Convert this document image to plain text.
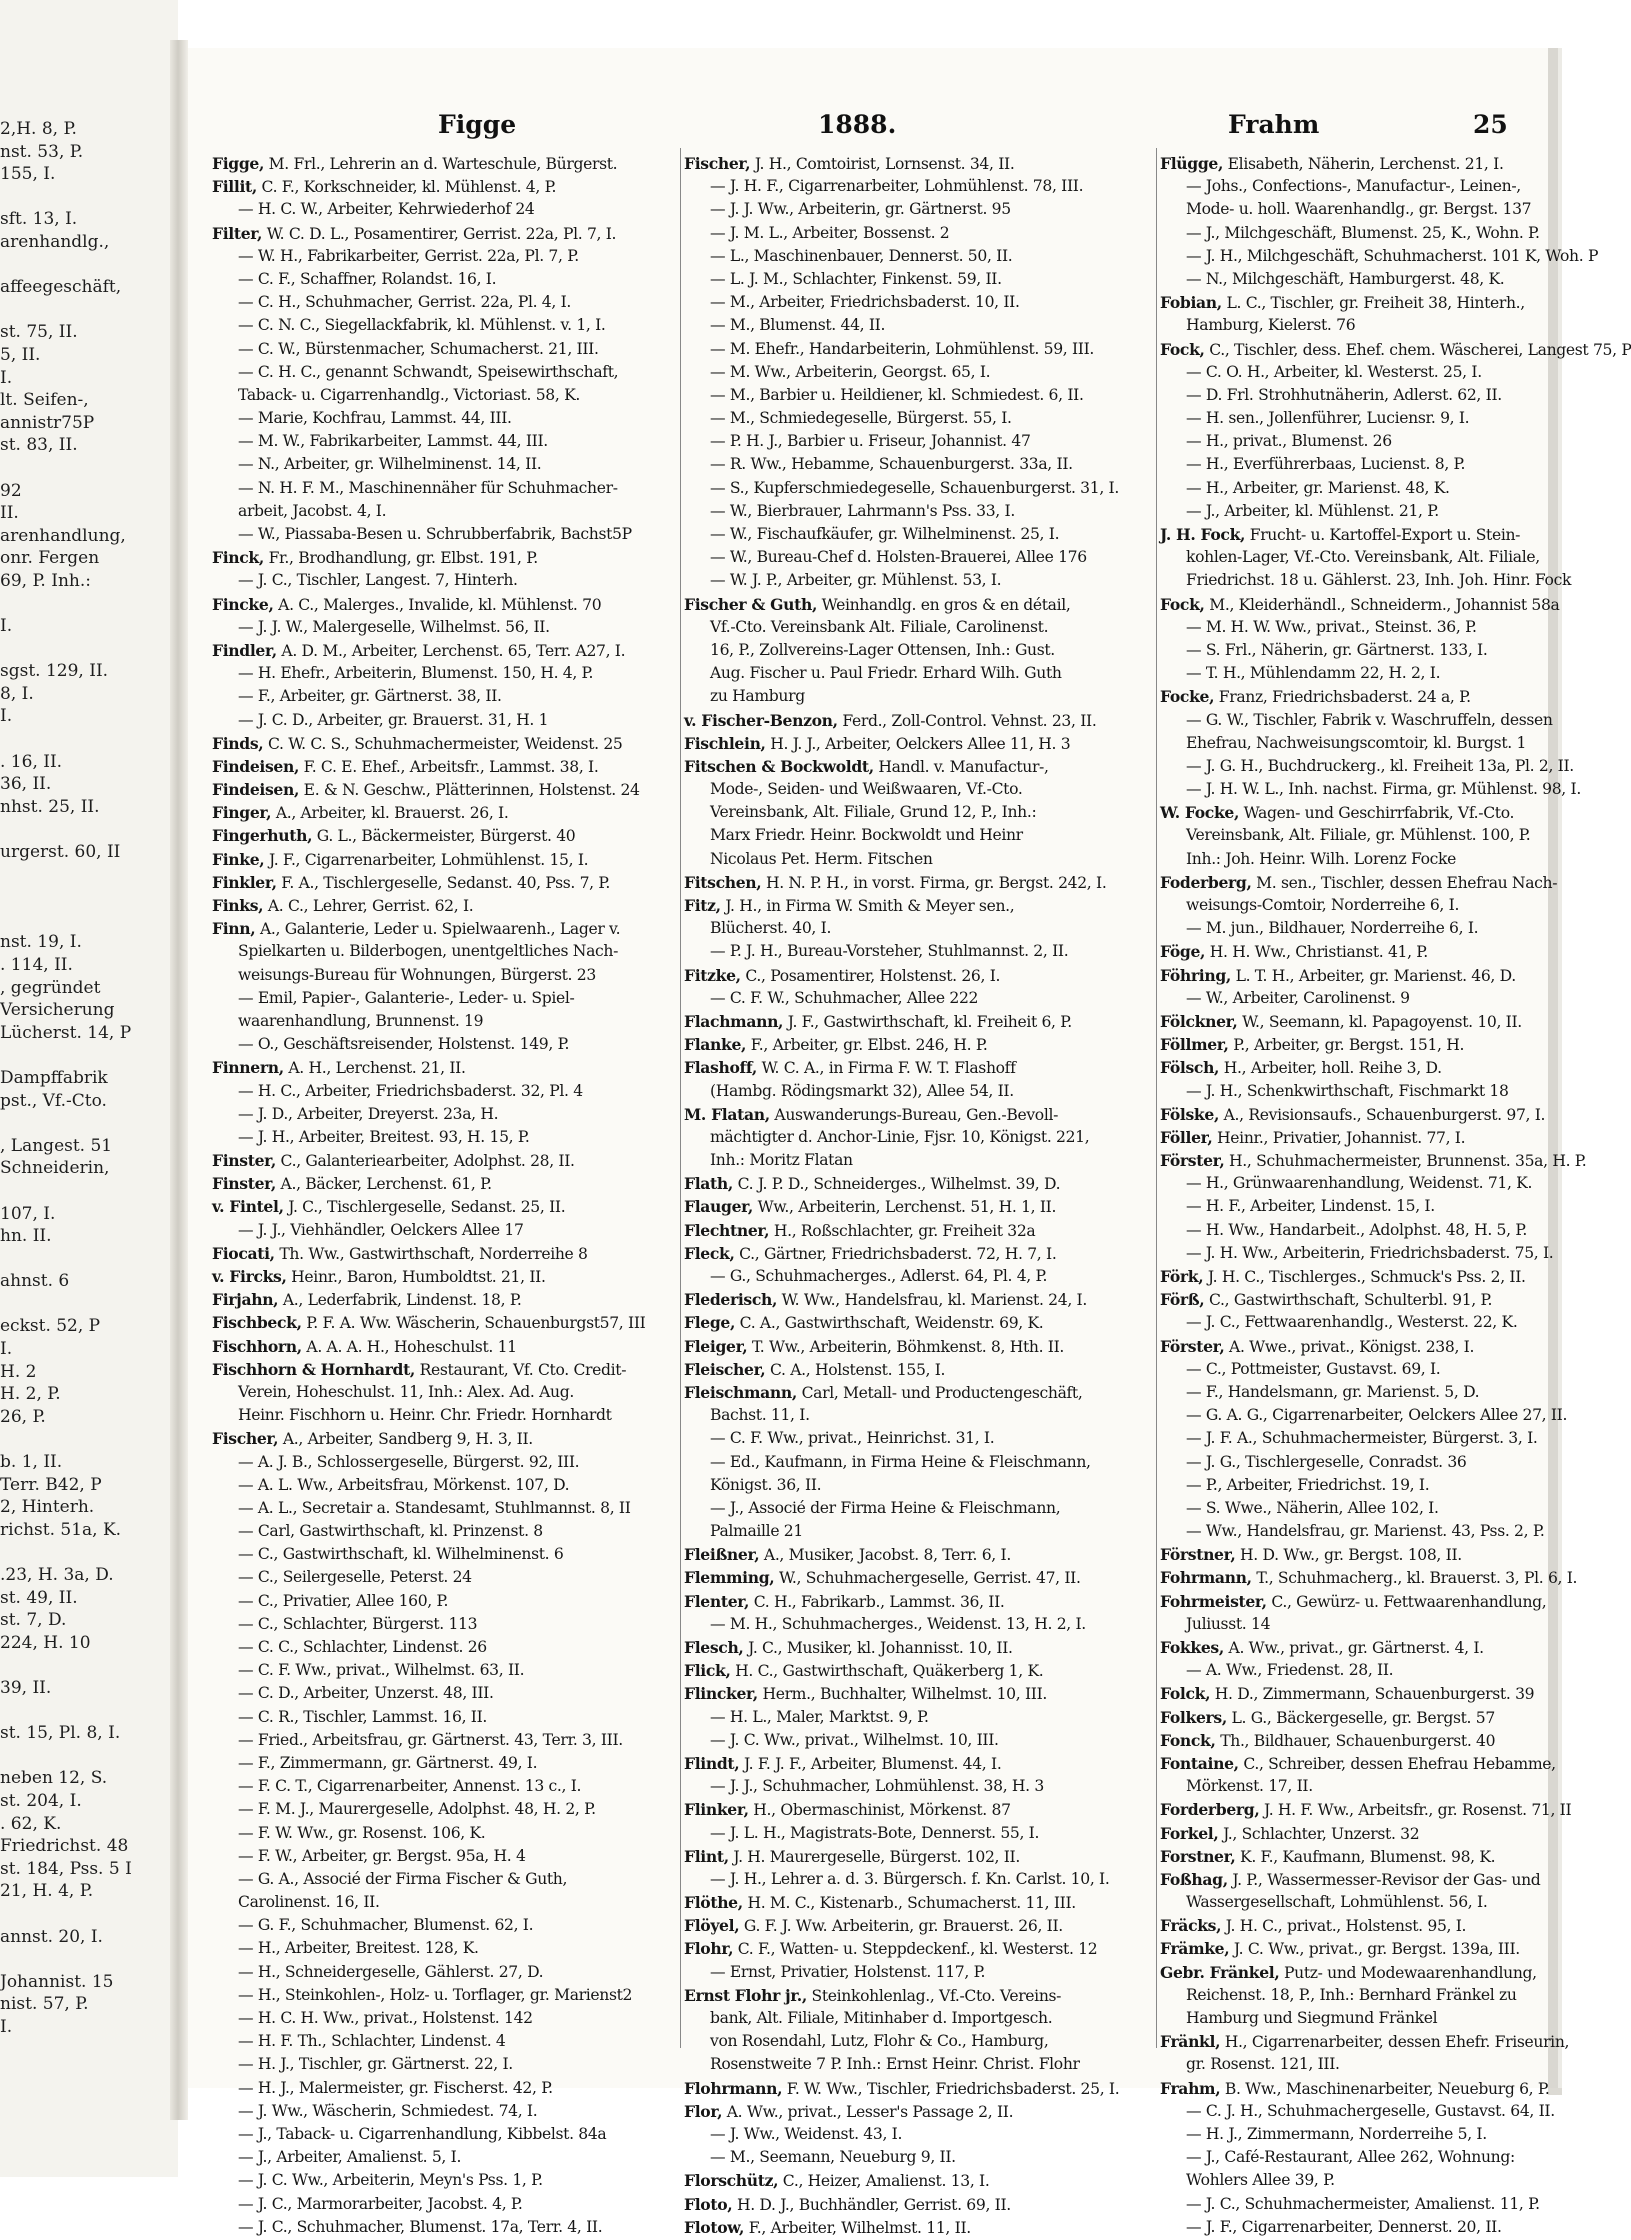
2,H. 8, P.
nst. 53, P.
155, I.
sft. 13, I.
arenhandlg.,
affeegeschäft,
st. 75, II.
5, II.
I.
lt. Seifen-,
annistr75P
st. 83, II.
92
II.
arenhandlung,
onr. Fergen
69, P. Inh.:
I.
sgst. 129, II.
8, I.
I.
. 16, II.
36, II.
nhst. 25, II.
urgerst. 60, II
nst. 19, I.
. 114, II.
, gegründet
Versicherung
Lücherst. 14, P
Dampffabrik
pst., Vf.-Cto.
, Langest. 51
Schneiderin,
107, I.
hn. II.
ahnst. 6
eckst. 52, P
I.
H. 2
H. 2, P.
26, P.
b. 1, II.
Terr. B42, P
2, Hinterh.
richst. 51a, K.
.23, H. 3a, D.
st. 49, II.
st. 7, D.
224, H. 10
39, II.
st. 15, Pl. 8, I.
neben 12, S.
st. 204, I.
. 62, K.
Friedrichst. 48
st. 184, Pss. 5 I
21, H. 4, P.
annst. 20, I.
Johannist. 15
nist. 57, P.
I.
Figge	1888.	Frahm	25
Figge, M. Frl., Lehrerin an d. Warteschule, Bürgerst.
Fillit, C. F., Korkschneider, kl. Mühlenst. 4, P.
— H. C. W., Arbeiter, Kehrwiederhof 24
Filter, W. C. D. L., Posamentirer, Gerrist. 22a, Pl. 7, I.
— W. H., Fabrikarbeiter, Gerrist. 22a, Pl. 7, P.
— C. F., Schaffner, Rolandst. 16, I.
— C. H., Schuhmacher, Gerrist. 22a, Pl. 4, I.
— C. N. C., Siegellackfabrik, kl. Mühlenst. v. 1, I.
— C. W., Bürstenmacher, Schumacherst. 21, III.
— C. H. C., genannt Schwandt, Speisewirthschaft,
Taback- u. Cigarrenhandlg., Victoriast. 58, K.
— Marie, Kochfrau, Lammst. 44, III.
— M. W., Fabrikarbeiter, Lammst. 44, III.
— N., Arbeiter, gr. Wilhelminenst. 14, II.
— N. H. F. M., Maschinennäher für Schuhmacher-
arbeit, Jacobst. 4, I.
— W., Piassaba-Besen u. Schrubberfabrik, Bachst5P
Finck, Fr., Brodhandlung, gr. Elbst. 191, P.
— J. C., Tischler, Langest. 7, Hinterh.
Fincke, A. C., Malerges., Invalide, kl. Mühlenst. 70
— J. J. W., Malergeselle, Wilhelmst. 56, II.
Findler, A. D. M., Arbeiter, Lerchenst. 65, Terr. A27, I.
— H. Ehefr., Arbeiterin, Blumenst. 150, H. 4, P.
— F., Arbeiter, gr. Gärtnerst. 38, II.
— J. C. D., Arbeiter, gr. Brauerst. 31, H. 1
Finds, C. W. C. S., Schuhmachermeister, Weidenst. 25
Findeisen, F. C. E. Ehef., Arbeitsfr., Lammst. 38, I.
Findeisen, E. & N. Geschw., Plätterinnen, Holstenst. 24
Finger, A., Arbeiter, kl. Brauerst. 26, I.
Fingerhuth, G. L., Bäckermeister, Bürgerst. 40
Finke, J. F., Cigarrenarbeiter, Lohmühlenst. 15, I.
Finkler, F. A., Tischlergeselle, Sedanst. 40, Pss. 7, P.
Finks, A. C., Lehrer, Gerrist. 62, I.
Finn, A., Galanterie, Leder u. Spielwaarenh., Lager v.
Spielkarten u. Bilderbogen, unentgeltliches Nach-
weisungs-Bureau für Wohnungen, Bürgerst. 23
— Emil, Papier-, Galanterie-, Leder- u. Spiel-
waarenhandlung, Brunnenst. 19
— O., Geschäftsreisender, Holstenst. 149, P.
Finnern, A. H., Lerchenst. 21, II.
— H. C., Arbeiter, Friedrichsbaderst. 32, Pl. 4
— J. D., Arbeiter, Dreyerst. 23a, H.
— J. H., Arbeiter, Breitest. 93, H. 15, P.
Finster, C., Galanteriearbeiter, Adolphst. 28, II.
Finster, A., Bäcker, Lerchenst. 61, P.
v. Fintel, J. C., Tischlergeselle, Sedanst. 25, II.
— J. J., Viehhändler, Oelckers Allee 17
Fiocati, Th. Ww., Gastwirthschaft, Norderreihe 8
v. Fircks, Heinr., Baron, Humboldtst. 21, II.
Firjahn, A., Lederfabrik, Lindenst. 18, P.
Fischbeck, P. F. A. Ww. Wäscherin, Schauenburgst57, III
Fischhorn, A. A. A. H., Hoheschulst. 11
Fischhorn & Hornhardt, Restaurant, Vf. Cto. Credit-
Verein, Hoheschulst. 11, Inh.: Alex. Ad. Aug.
Heinr. Fischhorn u. Heinr. Chr. Friedr. Hornhardt
Fischer, A., Arbeiter, Sandberg 9, H. 3, II.
— A. J. B., Schlossergeselle, Bürgerst. 92, III.
— A. L. Ww., Arbeitsfrau, Mörkenst. 107, D.
— A. L., Secretair a. Standesamt, Stuhlmannst. 8, II
— Carl, Gastwirthschaft, kl. Prinzenst. 8
— C., Gastwirthschaft, kl. Wilhelminenst. 6
— C., Seilergeselle, Peterst. 24
— C., Privatier, Allee 160, P.
— C., Schlachter, Bürgerst. 113
— C. C., Schlachter, Lindenst. 26
— C. F. Ww., privat., Wilhelmst. 63, II.
— C. D., Arbeiter, Unzerst. 48, III.
— C. R., Tischler, Lammst. 16, II.
— Fried., Arbeitsfrau, gr. Gärtnerst. 43, Terr. 3, III.
— F., Zimmermann, gr. Gärtnerst. 49, I.
— F. C. T., Cigarrenarbeiter, Annenst. 13 c., I.
— F. M. J., Maurergeselle, Adolphst. 48, H. 2, P.
— F. W. Ww., gr. Rosenst. 106, K.
— F. W., Arbeiter, gr. Bergst. 95a, H. 4
— G. A., Associé der Firma Fischer & Guth,
Carolinenst. 16, II.
— G. F., Schuhmacher, Blumenst. 62, I.
— H., Arbeiter, Breitest. 128, K.
— H., Schneidergeselle, Gählerst. 27, D.
— H., Steinkohlen-, Holz- u. Torflager, gr. Marienst2
— H. C. H. Ww., privat., Holstenst. 142
— H. F. Th., Schlachter, Lindenst. 4
— H. J., Tischler, gr. Gärtnerst. 22, I.
— H. J., Malermeister, gr. Fischerst. 42, P.
— J. Ww., Wäscherin, Schmiedest. 74, I.
— J., Taback- u. Cigarrenhandlung, Kibbelst. 84a
— J., Arbeiter, Amalienst. 5, I.
— J. C. Ww., Arbeiterin, Meyn's Pss. 1, P.
— J. C., Marmorarbeiter, Jacobst. 4, P.
— J. C., Schuhmacher, Blumenst. 17a, Terr. 4, II.
Fischer, J. H., Comtoirist, Lornsenst. 34, II.
— J. H. F., Cigarrenarbeiter, Lohmühlenst. 78, III.
— J. J. Ww., Arbeiterin, gr. Gärtnerst. 95
— J. M. L., Arbeiter, Bossenst. 2
— L., Maschinenbauer, Dennerst. 50, II.
— L. J. M., Schlachter, Finkenst. 59, II.
— M., Arbeiter, Friedrichsbaderst. 10, II.
— M., Blumenst. 44, II.
— M. Ehefr., Handarbeiterin, Lohmühlenst. 59, III.
— M. Ww., Arbeiterin, Georgst. 65, I.
— M., Barbier u. Heildiener, kl. Schmiedest. 6, II.
— M., Schmiedegeselle, Bürgerst. 55, I.
— P. H. J., Barbier u. Friseur, Johannist. 47
— R. Ww., Hebamme, Schauenburgerst. 33a, II.
— S., Kupferschmiedegeselle, Schauenburgerst. 31, I.
— W., Bierbrauer, Lahrmann's Pss. 33, I.
— W., Fischaufkäufer, gr. Wilhelminenst. 25, I.
— W., Bureau-Chef d. Holsten-Brauerei, Allee 176
— W. J. P., Arbeiter, gr. Mühlenst. 53, I.
Fischer & Guth, Weinhandlg. en gros & en détail,
Vf.-Cto. Vereinsbank Alt. Filiale, Carolinenst.
16, P., Zollvereins-Lager Ottensen, Inh.: Gust.
Aug. Fischer u. Paul Friedr. Erhard Wilh. Guth
zu Hamburg
v. Fischer-Benzon, Ferd., Zoll-Control. Vehnst. 23, II.
Fischlein, H. J. J., Arbeiter, Oelckers Allee 11, H. 3
Fitschen & Bockwoldt, Handl. v. Manufactur-,
Mode-, Seiden- und Weißwaaren, Vf.-Cto.
Vereinsbank, Alt. Filiale, Grund 12, P., Inh.:
Marx Friedr. Heinr. Bockwoldt und Heinr
Nicolaus Pet. Herm. Fitschen
Fitschen, H. N. P. H., in vorst. Firma, gr. Bergst. 242, I.
Fitz, J. H., in Firma W. Smith & Meyer sen.,
Blücherst. 40, I.
— P. J. H., Bureau-Vorsteher, Stuhlmannst. 2, II.
Fitzke, C., Posamentirer, Holstenst. 26, I.
— C. F. W., Schuhmacher, Allee 222
Flachmann, J. F., Gastwirthschaft, kl. Freiheit 6, P.
Flanke, F., Arbeiter, gr. Elbst. 246, H. P.
Flashoff, W. C. A., in Firma F. W. T. Flashoff
(Hambg. Rödingsmarkt 32), Allee 54, II.
M. Flatan, Auswanderungs-Bureau, Gen.-Bevoll-
mächtigter d. Anchor-Linie, Fjsr. 10, Königst. 221,
Inh.: Moritz Flatan
Flath, C. J. P. D., Schneiderges., Wilhelmst. 39, D.
Flauger, Ww., Arbeiterin, Lerchenst. 51, H. 1, II.
Flechtner, H., Roßschlachter, gr. Freiheit 32a
Fleck, C., Gärtner, Friedrichsbaderst. 72, H. 7, I.
— G., Schuhmacherges., Adlerst. 64, Pl. 4, P.
Flederisch, W. Ww., Handelsfrau, kl. Marienst. 24, I.
Flege, C. A., Gastwirthschaft, Weidenstr. 69, K.
Fleiger, T. Ww., Arbeiterin, Böhmkenst. 8, Hth. II.
Fleischer, C. A., Holstenst. 155, I.
Fleischmann, Carl, Metall- und Productengeschäft,
Bachst. 11, I.
— C. F. Ww., privat., Heinrichst. 31, I.
— Ed., Kaufmann, in Firma Heine & Fleischmann,
Königst. 36, II.
— J., Associé der Firma Heine & Fleischmann,
Palmaille 21
Fleißner, A., Musiker, Jacobst. 8, Terr. 6, I.
Flemming, W., Schuhmachergeselle, Gerrist. 47, II.
Flenter, C. H., Fabrikarb., Lammst. 36, II.
— M. H., Schuhmacherges., Weidenst. 13, H. 2, I.
Flesch, J. C., Musiker, kl. Johannisst. 10, II.
Flick, H. C., Gastwirthschaft, Quäkerberg 1, K.
Flincker, Herm., Buchhalter, Wilhelmst. 10, III.
— H. L., Maler, Marktst. 9, P.
— J. C. Ww., privat., Wilhelmst. 10, III.
Flindt, J. F. J. F., Arbeiter, Blumenst. 44, I.
— J. J., Schuhmacher, Lohmühlenst. 38, H. 3
Flinker, H., Obermaschinist, Mörkenst. 87
— J. L. H., Magistrats-Bote, Dennerst. 55, I.
Flint, J. H. Maurergeselle, Bürgerst. 102, II.
— J. H., Lehrer a. d. 3. Bürgersch. f. Kn. Carlst. 10, I.
Flöthe, H. M. C., Kistenarb., Schumacherst. 11, III.
Flöyel, G. F. J. Ww. Arbeiterin, gr. Brauerst. 26, II.
Flohr, C. F., Watten- u. Steppdeckenf., kl. Westerst. 12
— Ernst, Privatier, Holstenst. 117, P.
Ernst Flohr jr., Steinkohlenlag., Vf.-Cto. Vereins-
bank, Alt. Filiale, Mitinhaber d. Importgesch.
von Rosendahl, Lutz, Flohr & Co., Hamburg,
Rosenstweite 7 P. Inh.: Ernst Heinr. Christ. Flohr
Flohrmann, F. W. Ww., Tischler, Friedrichsbaderst. 25, I.
Flor, A. Ww., privat., Lesser's Passage 2, II.
— J. Ww., Weidenst. 43, I.
— M., Seemann, Neueburg 9, II.
Florschütz, C., Heizer, Amalienst. 13, I.
Floto, H. D. J., Buchhändler, Gerrist. 69, II.
Flotow, F., Arbeiter, Wilhelmst. 11, II.
Flügge, Elisabeth, Näherin, Lerchenst. 21, I.
— Johs., Confections-, Manufactur-, Leinen-,
Mode- u. holl. Waarenhandlg., gr. Bergst. 137
— J., Milchgeschäft, Blumenst. 25, K., Wohn. P.
— J. H., Milchgeschäft, Schuhmacherst. 101 K, Woh. P
— N., Milchgeschäft, Hamburgerst. 48, K.
Fobian, L. C., Tischler, gr. Freiheit 38, Hinterh.,
Hamburg, Kielerst. 76
Fock, C., Tischler, dess. Ehef. chem. Wäscherei, Langest 75, P
— C. O. H., Arbeiter, kl. Westerst. 25, I.
— D. Frl. Strohhutnäherin, Adlerst. 62, II.
— H. sen., Jollenführer, Luciensr. 9, I.
— H., privat., Blumenst. 26
— H., Everführerbaas, Lucienst. 8, P.
— H., Arbeiter, gr. Marienst. 48, K.
— J., Arbeiter, kl. Mühlenst. 21, P.
J. H. Fock, Frucht- u. Kartoffel-Export u. Stein-
kohlen-Lager, Vf.-Cto. Vereinsbank, Alt. Filiale,
Friedrichst. 18 u. Gählerst. 23, Inh. Joh. Hinr. Fock
Fock, M., Kleiderhändl., Schneiderm., Johannist 58a
— M. H. W. Ww., privat., Steinst. 36, P.
— S. Frl., Näherin, gr. Gärtnerst. 133, I.
— T. H., Mühlendamm 22, H. 2, I.
Focke, Franz, Friedrichsbaderst. 24 a, P.
— G. W., Tischler, Fabrik v. Waschruffeln, dessen
Ehefrau, Nachweisungscomtoir, kl. Burgst. 1
— J. G. H., Buchdruckerg., kl. Freiheit 13a, Pl. 2, II.
— J. H. W. L., Inh. nachst. Firma, gr. Mühlenst. 98, I.
W. Focke, Wagen- und Geschirrfabrik, Vf.-Cto.
Vereinsbank, Alt. Filiale, gr. Mühlenst. 100, P.
Inh.: Joh. Heinr. Wilh. Lorenz Focke
Foderberg, M. sen., Tischler, dessen Ehefrau Nach-
weisungs-Comtoir, Norderreihe 6, I.
— M. jun., Bildhauer, Norderreihe 6, I.
Föge, H. H. Ww., Christianst. 41, P.
Föhring, L. T. H., Arbeiter, gr. Marienst. 46, D.
— W., Arbeiter, Carolinenst. 9
Fölckner, W., Seemann, kl. Papagoyenst. 10, II.
Föllmer, P., Arbeiter, gr. Bergst. 151, H.
Fölsch, H., Arbeiter, holl. Reihe 3, D.
— J. H., Schenkwirthschaft, Fischmarkt 18
Fölske, A., Revisionsaufs., Schauenburgerst. 97, I.
Föller, Heinr., Privatier, Johannist. 77, I.
Förster, H., Schuhmachermeister, Brunnenst. 35a, H. P.
— H., Grünwaarenhandlung, Weidenst. 71, K.
— H. F., Arbeiter, Lindenst. 15, I.
— H. Ww., Handarbeit., Adolphst. 48, H. 5, P.
— J. H. Ww., Arbeiterin, Friedrichsbaderst. 75, I.
Förk, J. H. C., Tischlerges., Schmuck's Pss. 2, II.
Förß, C., Gastwirthschaft, Schulterbl. 91, P.
— J. C., Fettwaarenhandlg., Westerst. 22, K.
Förster, A. Wwe., privat., Königst. 238, I.
— C., Pottmeister, Gustavst. 69, I.
— F., Handelsmann, gr. Marienst. 5, D.
— G. A. G., Cigarrenarbeiter, Oelckers Allee 27, II.
— J. F. A., Schuhmachermeister, Bürgerst. 3, I.
— J. G., Tischlergeselle, Conradst. 36
— P., Arbeiter, Friedrichst. 19, I.
— S. Wwe., Näherin, Allee 102, I.
— Ww., Handelsfrau, gr. Marienst. 43, Pss. 2, P.
Förstner, H. D. Ww., gr. Bergst. 108, II.
Fohrmann, T., Schuhmacherg., kl. Brauerst. 3, Pl. 6, I.
Fohrmeister, C., Gewürz- u. Fettwaarenhandlung,
Juliusst. 14
Fokkes, A. Ww., privat., gr. Gärtnerst. 4, I.
— A. Ww., Friedenst. 28, II.
Folck, H. D., Zimmermann, Schauenburgerst. 39
Folkers, L. G., Bäckergeselle, gr. Bergst. 57
Fonck, Th., Bildhauer, Schauenburgerst. 40
Fontaine, C., Schreiber, dessen Ehefrau Hebamme,
Mörkenst. 17, II.
Forderberg, J. H. F. Ww., Arbeitsfr., gr. Rosenst. 71, II
Forkel, J., Schlachter, Unzerst. 32
Forstner, K. F., Kaufmann, Blumenst. 98, K.
Foßhag, J. P., Wassermesser-Revisor der Gas- und
Wassergesellschaft, Lohmühlenst. 56, I.
Fräcks, J. H. C., privat., Holstenst. 95, I.
Främke, J. C. Ww., privat., gr. Bergst. 139a, III.
Gebr. Fränkel, Putz- und Modewaarenhandlung,
Reichenst. 18, P., Inh.: Bernhard Fränkel zu
Hamburg und Siegmund Fränkel
Fränkl, H., Cigarrenarbeiter, dessen Ehefr. Friseurin,
gr. Rosenst. 121, III.
Frahm, B. Ww., Maschinenarbeiter, Neueburg 6, P.
— C. J. H., Schuhmachergeselle, Gustavst. 64, II.
— H. J., Zimmermann, Norderreihe 5, I.
— J., Café-Restaurant, Allee 262, Wohnung:
Wohlers Allee 39, P.
— J. C., Schuhmachermeister, Amalienst. 11, P.
— J. F., Cigarrenarbeiter, Dennerst. 20, II.
